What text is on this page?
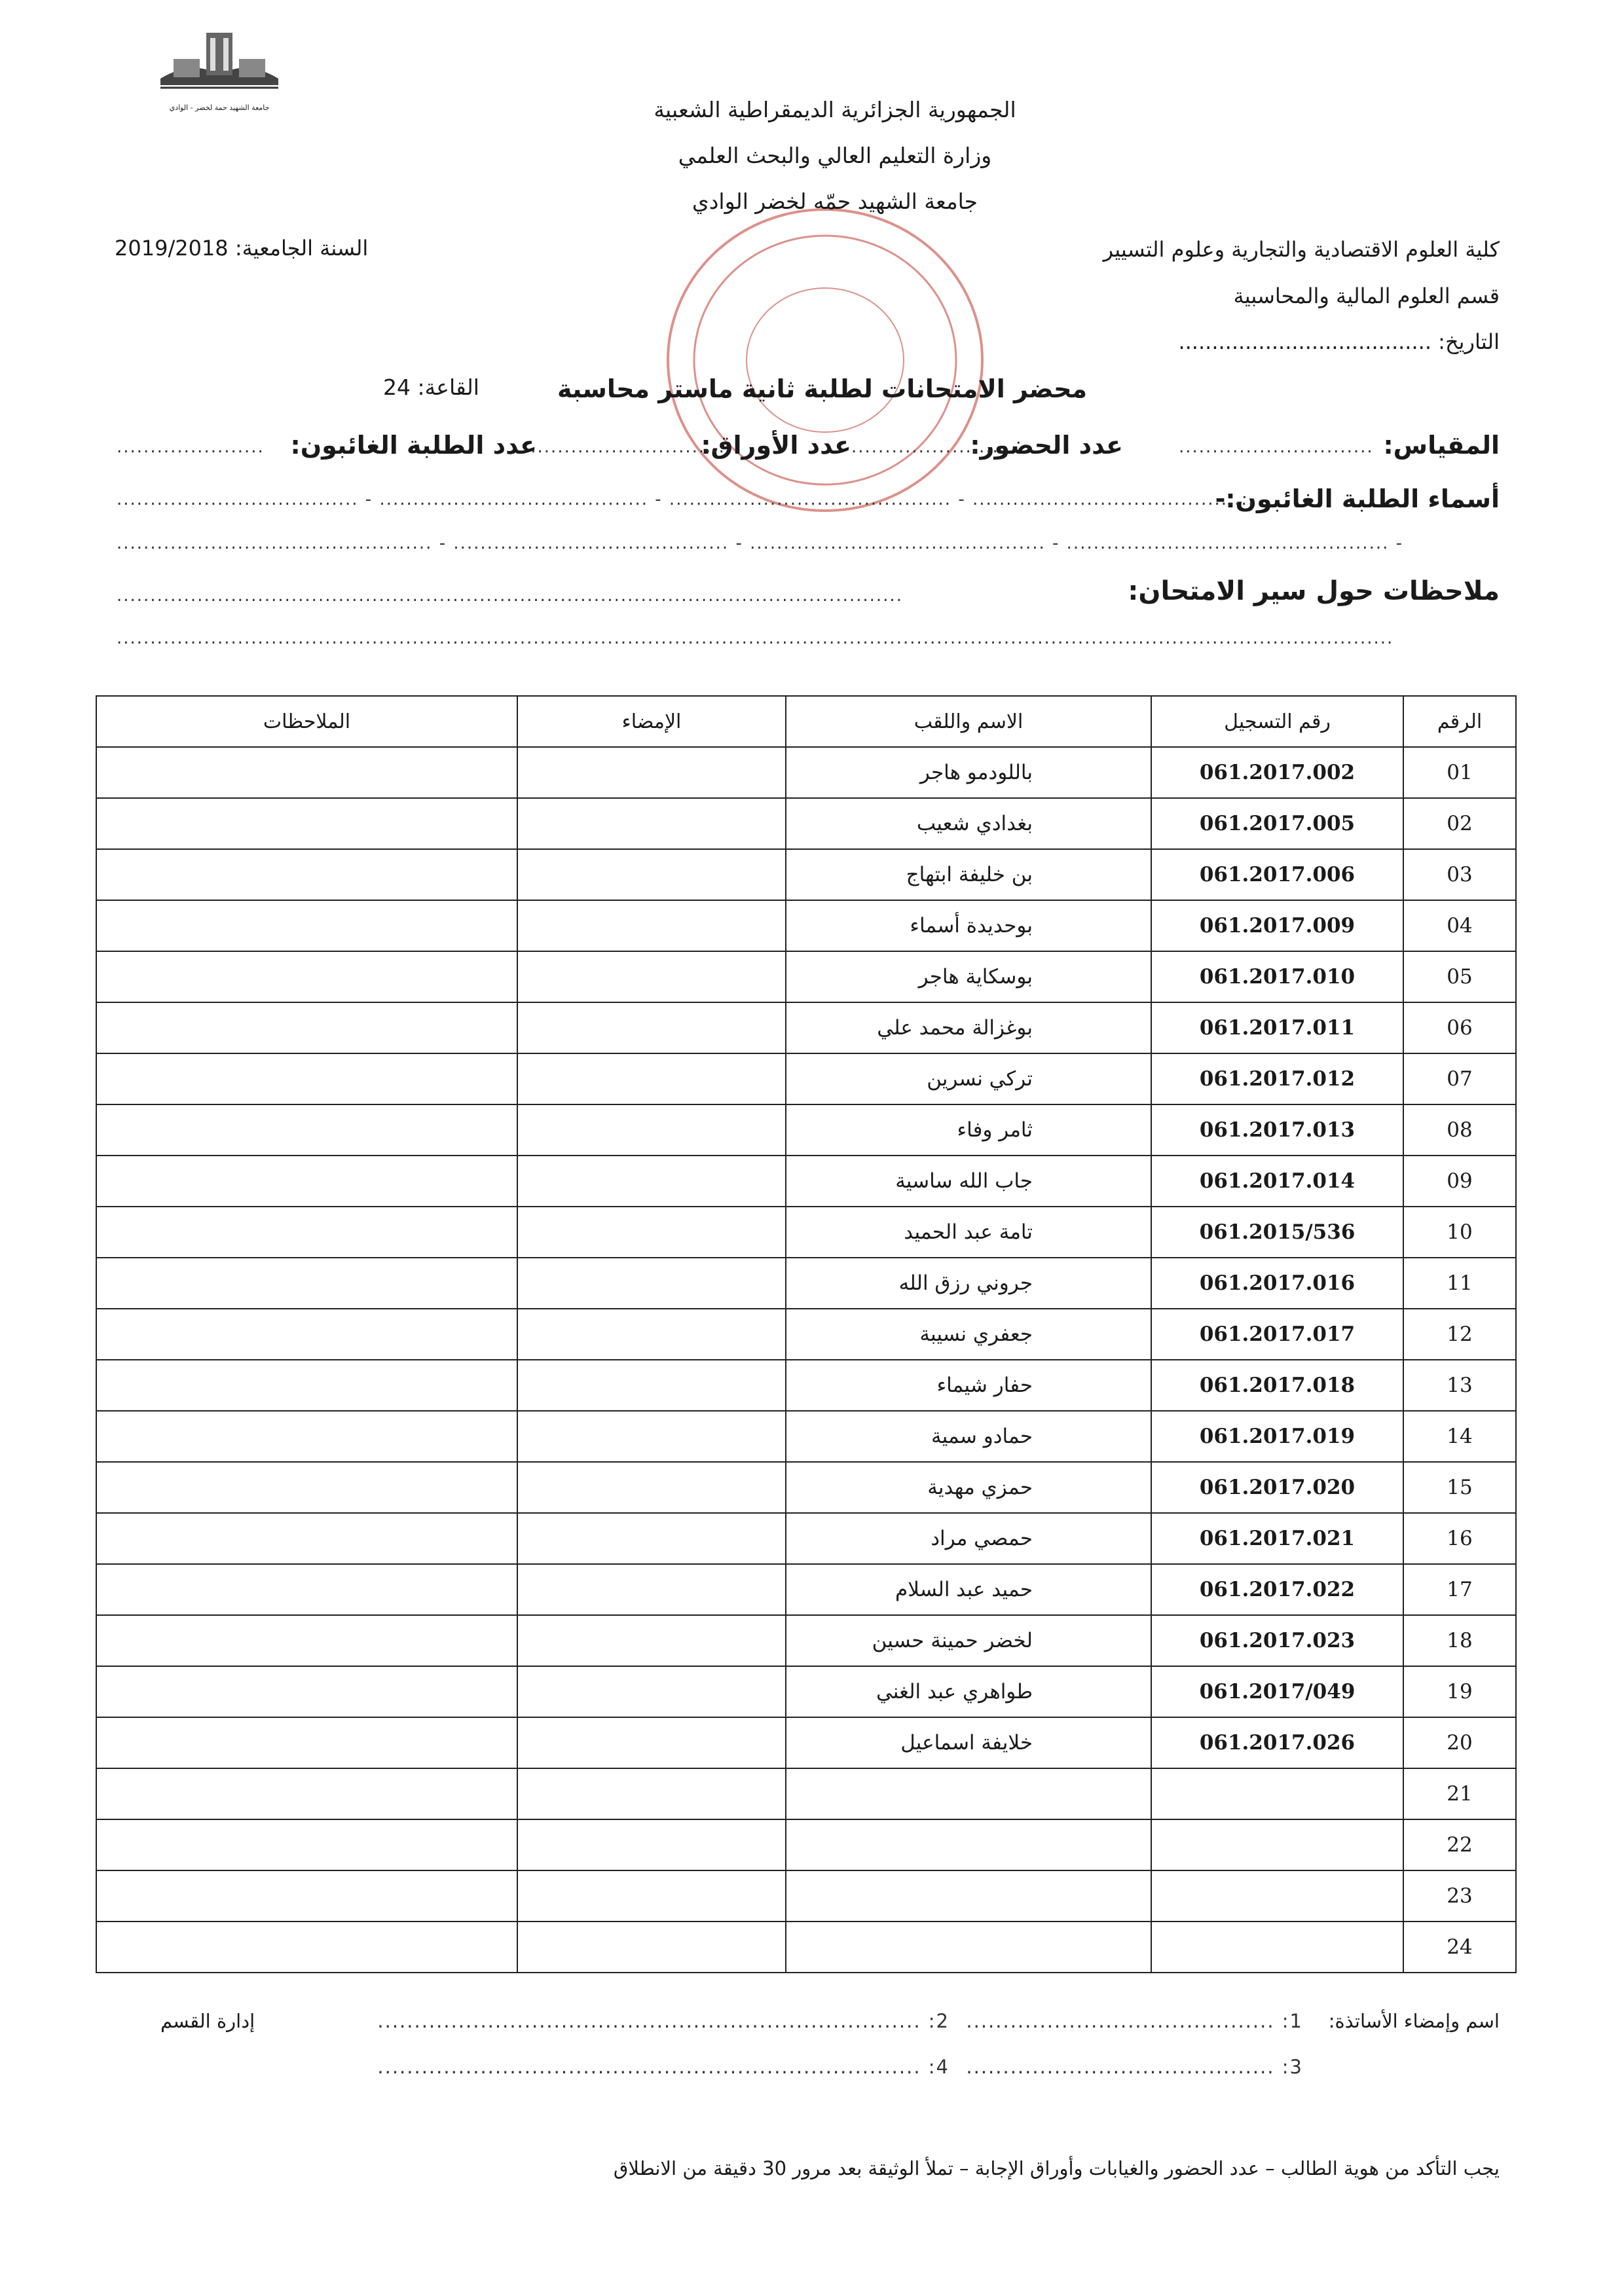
جامعة الشهيد حمة لخضر - الوادي	الجمهورية الجزائرية الديمقراطية الشعبية
وزارة التعليم العالي والبحث العلمي
جامعة الشهيد حمّه لخضر الوادي
كلية العلوم الاقتصادية والتجارية وعلوم التسيير
قسم العلوم المالية والمحاسبية
التاريخ: ......................................
السنة الجامعية: 2019/2018
محضر الامتحانات لطلبة ثانية ماستر محاسبة
القاعة: 24
المقياس:
.............................
عدد الحضور:
.......................
عدد الأوراق:
..............................
عدد الطلبة الغائبون:
......................
أسماء الطلبة الغائبون:-
.................................... - ........................................ - .......................................... - ..........................................
............................................... - ......................................... - ............................................ - ................................................ -
ملاحظات حول سير الامتحان:
.....................................................................................................................
..............................................................................................................................................................................................
الرقم	رقم التسجيل	الاسم واللقب	الإمضاء	الملاحظات
01	061.2017.002	باللودمو هاجر		
02	061.2017.005	بغدادي شعيب		
03	061.2017.006	بن خليفة ابتهاج		
04	061.2017.009	بوحديدة أسماء		
05	061.2017.010	بوسكاية هاجر		
06	061.2017.011	بوغزالة محمد علي		
07	061.2017.012	تركي نسرين		
08	061.2017.013	ثامر وفاء		
09	061.2017.014	جاب الله ساسية		
10	061.2015/536	تامة عبد الحميد		
11	061.2017.016	جروني رزق الله		
12	061.2017.017	جعفري نسيبة		
13	061.2017.018	حفار شيماء		
14	061.2017.019	حمادو سمية		
15	061.2017.020	حمزي مهدية		
16	061.2017.021	حمصي مراد		
17	061.2017.022	حميد عبد السلام		
18	061.2017.023	لخضر حمينة حسين		
19	061.2017/049	طواهري عبد الغني		
20	061.2017.026	خلايفة اسماعيل		
21				
22				
23				
24				
اسم وإمضاء الأساتذة:
1: ..........................................
2: ..........................................................................
إدارة القسم
3: ..........................................
4: ..........................................................................
يجب التأكد من هوية الطالب – عدد الحضور والغيابات وأوراق الإجابة – تملأ الوثيقة بعد مرور 30 دقيقة من الانطلاق
